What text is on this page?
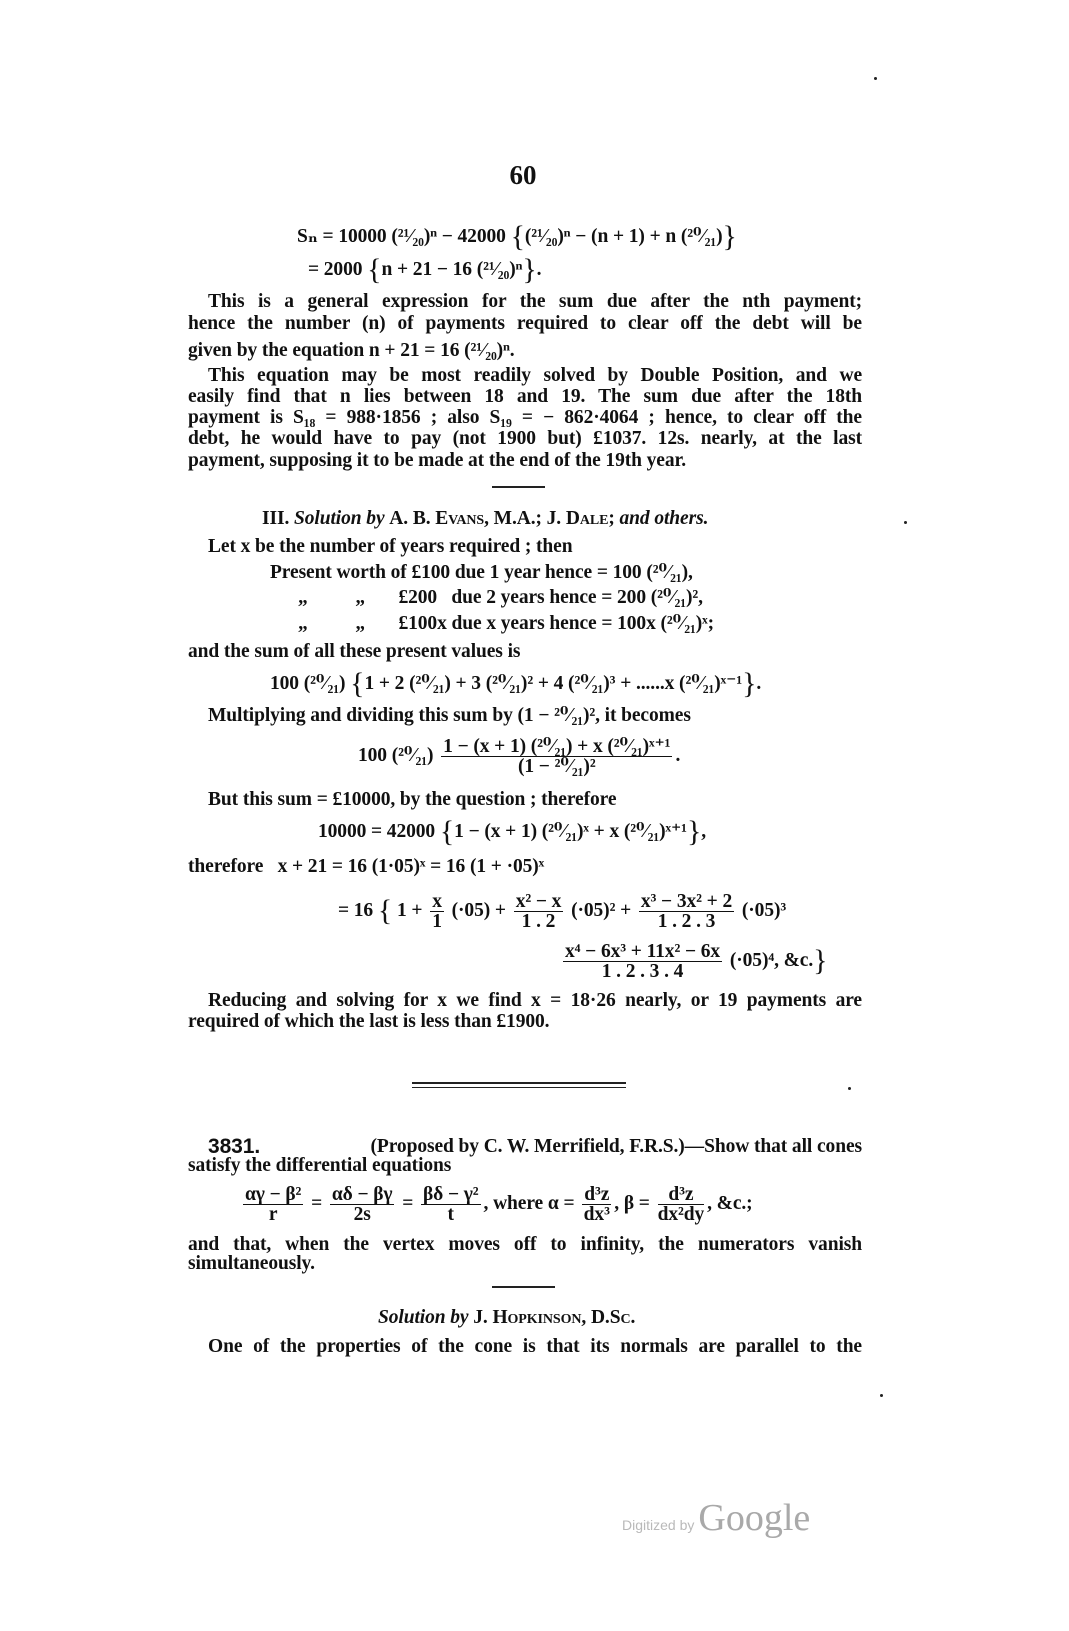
60
Sₙ = 10000 (²¹⁄₂₀)ⁿ − 42000 {(²¹⁄₂₀)ⁿ − (n + 1) + n (²⁰⁄₂₁)}
= 2000 {n + 21 − 16 (²¹⁄₂₀)ⁿ}.
This is a general expression for the sum due after the nth payment;
hence the number (n) of payments required to clear off the debt will be
given by the equation n + 21 = 16 (²¹⁄₂₀)ⁿ.
This equation may be most readily solved by Double Position, and we
easily find that n lies between 18 and 19. The sum due after the 18th
payment is S₁₈ = 988·1856 ; also S₁₉ = − 862·4064 ; hence, to clear off the
debt, he would have to pay (not 1900 but) £1037. 12s. nearly, at the last
payment, supposing it to be made at the end of the 19th year.
III. Solution by A. B. Evans, M.A.; J. Dale; and others.
Let x be the number of years required ; then
Present worth of £100 due 1 year hence = 100 (²⁰⁄₂₁),
„          „       £200   due 2 years hence = 200 (²⁰⁄₂₁)²,
„          „       £100x due x years hence = 100x (²⁰⁄₂₁)ˣ;
and the sum of all these present values is
100 (²⁰⁄₂₁) {1 + 2 (²⁰⁄₂₁) + 3 (²⁰⁄₂₁)² + 4 (²⁰⁄₂₁)³ + ......x (²⁰⁄₂₁)ˣ⁻¹}.
Multiplying and dividing this sum by (1 − ²⁰⁄₂₁)², it becomes
100 (²⁰⁄₂₁) $\frac{\text{1 − (x + 1) (²⁰⁄₂₁) + x (²⁰⁄₂₁)ˣ⁺¹}}{\text{(1 − ²⁰⁄₂₁)²}}$ .
But this sum = £10000, by the question ; therefore
10000 = 42000 {1 − (x + 1) (²⁰⁄₂₁)ˣ + x (²⁰⁄₂₁)ˣ⁺¹},
therefore   x + 21 = 16 (1·05)ˣ = 16 (1 + ·05)ˣ
= 16 { $1 + \frac{x}{1} (\cdot 05) + \frac{\text{x² − x}}{1 . 2} (\cdot 05)^2 + \frac{\text{x³ − 3x² + 2}}{1 . 2 . 3} (\cdot 05)^3$
$\frac{\text{x⁴ − 6x³ + 11x² − 6x}}{1 . 2 . 3 . 4} (\cdot 05)^4$, &c.}
Reducing and solving for x we find x = 18·26 nearly, or 19 payments are
required of which the last is less than £1900.
3831.	(Proposed by C. W. Merrifield, F.R.S.)—Show that all cones
satisfy the differential equations
$\frac{\text{αγ − β²}}{r} = \frac{\alpha\delta - \beta\gamma}{2s} = \frac{\text{βδ − γ²}}{t}$ , where $\alpha = \frac{\text{d³z}}{\text{dx³}}$ , $\beta = \frac{\text{d³z}}{\text{dx²dy}}$ , &c.;
and that, when the vertex moves off to infinity, the numerators vanish
simultaneously.
Solution by J. Hopkinson, D.Sc.
One of the properties of the cone is that its normals are parallel to the
Digitized by Google
